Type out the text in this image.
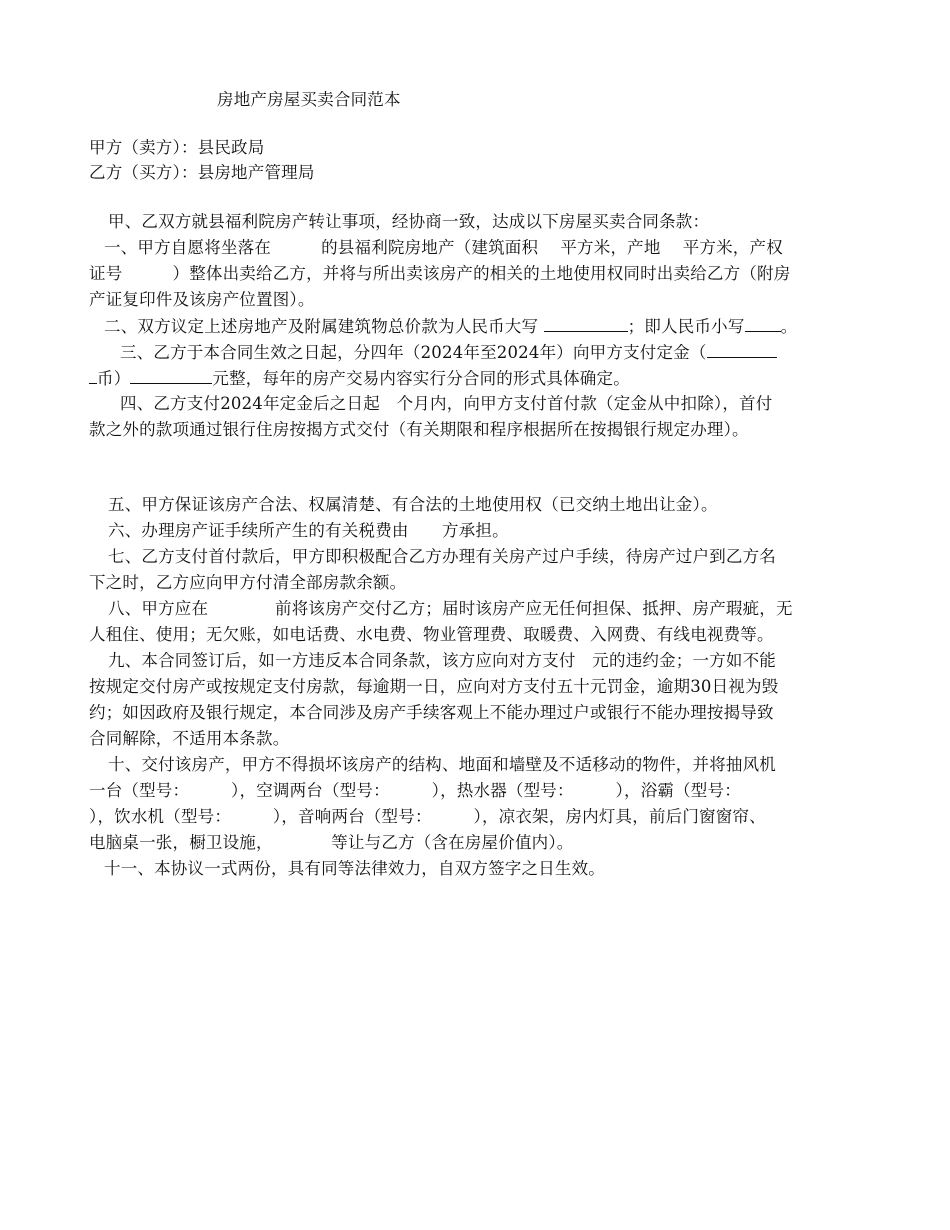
房地产房屋买卖合同范本
甲方（卖方）：县民政局
乙方（买方）：县房地产管理局
甲、乙双方就县福利院房产转让事项，经协商一致，达成以下房屋买卖合同条款：
一、甲方自愿将坐落在　　　的县福利院房地产（建筑面积　 平方米，产地　 平方米，产权
证号　　　）整体出卖给乙方，并将与所出卖该房产的相关的土地使用权同时出卖给乙方（附房
产证复印件及该房产位置图）。
二、双方议定上述房地产及附属建筑物总价款为人民币大写	；即人民币小写 。
三、乙方于本合同生效之日起，分四年（2024年至2024年）向甲方支付定金（
币）	元整，每年的房产交易内容实行分合同的形式具体确定。
四、乙方支付2024年定金后之日起　个月内，向甲方支付首付款（定金从中扣除），首付
款之外的款项通过银行住房按揭方式交付（有关期限和程序根据所在按揭银行规定办理）。
五、甲方保证该房产合法、权属清楚、有合法的土地使用权（已交纳土地出让金）。
六、办理房产证手续所产生的有关税费由　　方承担。
七、乙方支付首付款后，甲方即积极配合乙方办理有关房产过户手续，待房产过户到乙方名
下之时，乙方应向甲方付清全部房款余额。
八、甲方应在　　　　前将该房产交付乙方；届时该房产应无任何担保、抵押、房产瑕疵，无
人租住、使用；无欠账，如电话费、水电费、物业管理费、取暖费、入网费、有线电视费等。
九、本合同签订后，如一方违反本合同条款，该方应向对方支付　元的违约金；一方如不能
按规定交付房产或按规定支付房款，每逾期一日，应向对方支付五十元罚金，逾期30日视为毁
约；如因政府及银行规定，本合同涉及房产手续客观上不能办理过户或银行不能办理按揭导致
合同解除，不适用本条款。
十、交付该房产，甲方不得损坏该房产的结构、地面和墙壁及不适移动的物件，并将抽风机
一台（型号：　　　），空调两台（型号：　　　），热水器（型号：　　　），浴霸（型号：
），饮水机（型号：　　　），音响两台（型号：　　　），凉衣架，房内灯具，前后门窗窗帘、
电脑桌一张，橱卫设施，　　　　等让与乙方（含在房屋价值内）。
十一、本协议一式两份，具有同等法律效力，自双方签字之日生效。
